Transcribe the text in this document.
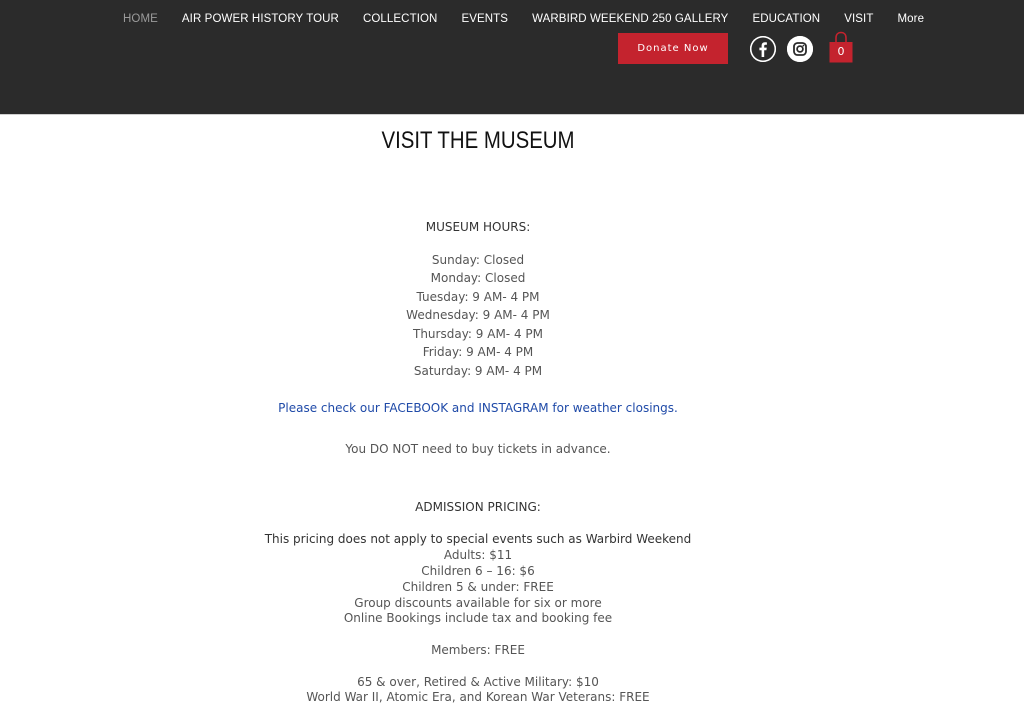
HOME	AIR POWER HISTORY TOUR	COLLECTION	EVENTS	WARBIRD WEEKEND 250 GALLERY	EDUCATION	VISIT	More
Donate Now	0
VISIT THE MUSEUM
MUSEUM HOURS:
Sunday: Closed
Monday: Closed
Tuesday: 9 AM- 4 PM
Wednesday: 9 AM- 4 PM
Thursday: 9 AM- 4 PM
Friday: 9 AM- 4 PM
Saturday: 9 AM- 4 PM
Please check our FACEBOOK and INSTAGRAM for weather closings.
You DO NOT need to buy tickets in advance.
ADMISSION PRICING:
This pricing does not apply to special events such as Warbird Weekend
Adults: $11
Children 6 – 16: $6
Children 5 & under: FREE
Group discounts available for six or more
Online Bookings include tax and booking fee
Members: FREE
65 & over, Retired & Active Military: $10
World War II, Atomic Era, and Korean War Veterans: FREE
